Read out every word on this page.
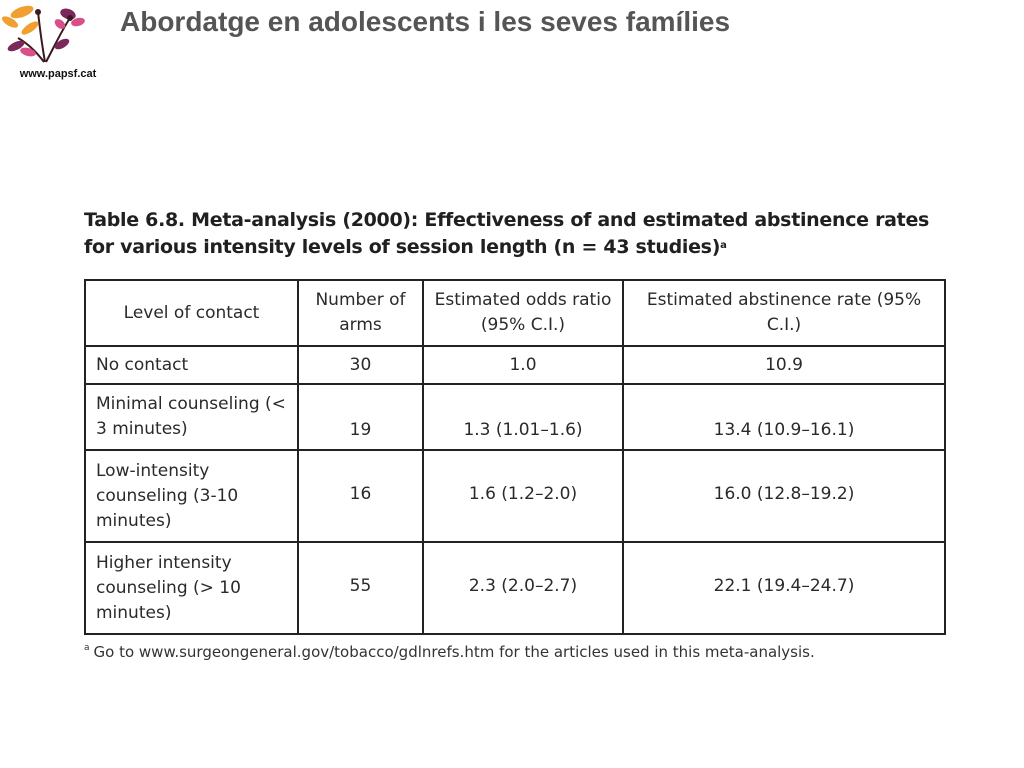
www.papsf.cat
Abordatge en adolescents i les seves famílies
Table 6.8. Meta-analysis (2000): Effectiveness of and estimated abstinence rates for various intensity levels of session length (n = 43 studies)$^a$
Level of contact	Number of arms	Estimated odds ratio (95% C.I.)	Estimated abstinence rate (95% C.I.)
No contact	30	1.0	10.9
Minimal counseling (< 3 minutes)	19	1.3 (1.01–1.6)	13.4 (10.9–16.1)
Low-intensity counseling (3-10 minutes)	16	1.6 (1.2–2.0)	16.0 (12.8–19.2)
Higher intensity counseling (> 10 minutes)	55	2.3 (2.0–2.7)	22.1 (19.4–24.7)
$^a$ Go to www.surgeongeneral.gov/tobacco/gdlnrefs.htm for the articles used in this meta-analysis.
